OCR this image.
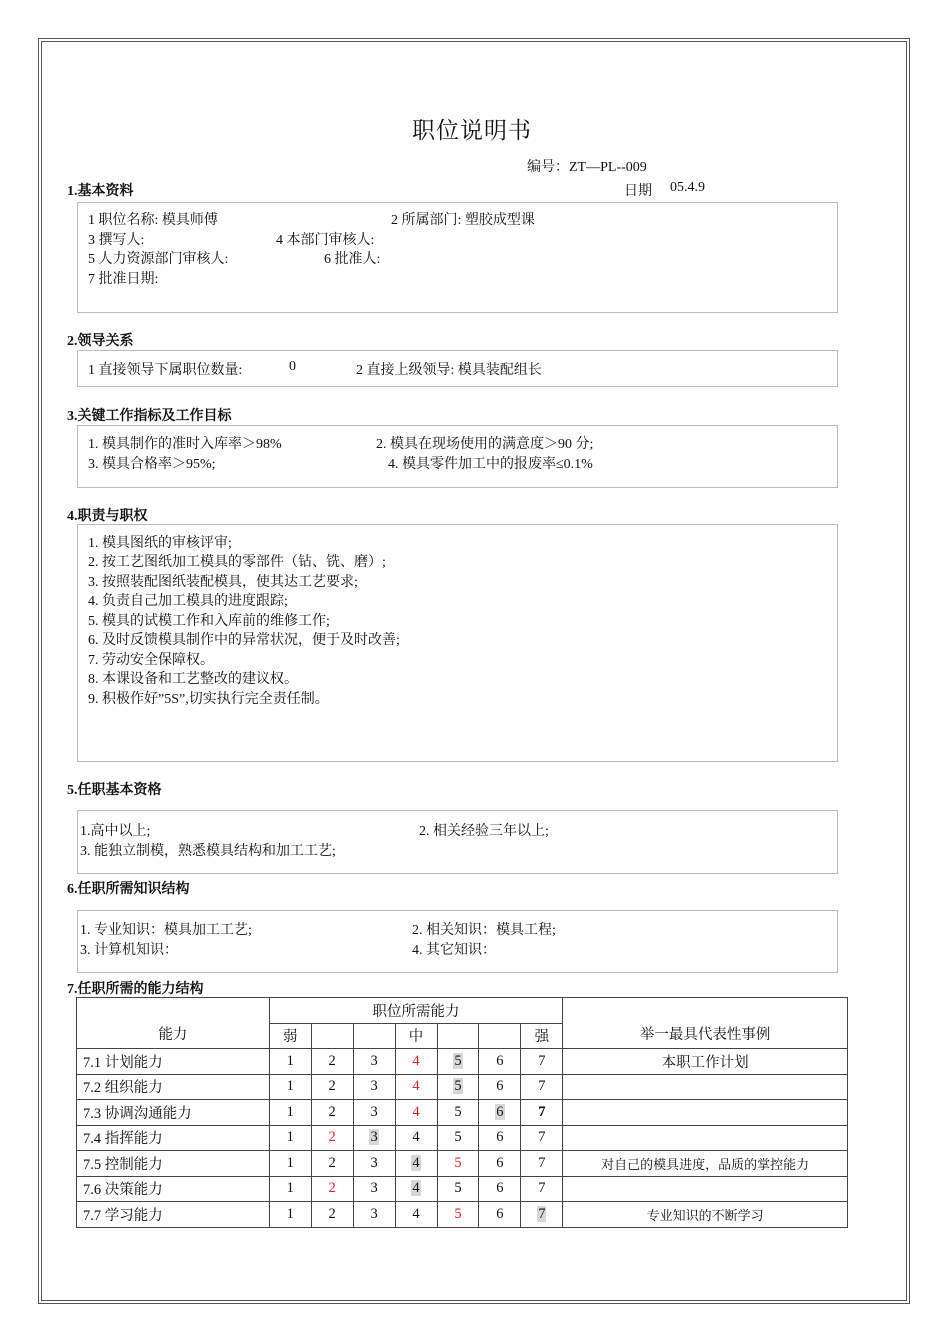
职位说明书
编号：ZT—PL--009
日期 05.4.9
1.基本资料
1 职位名称: 模具师傅	2 所属部门: 塑胶成型课
3 撰写人:	4 本部门审核人:
5 人力资源部门审核人:	6 批准人:
7 批准日期:
2.领导关系
1 直接领导下属职位数量:	0	2 直接上级领导: 模具装配组长
3.关键工作指标及工作目标
1. 模具制作的准时入库率＞98%	2. 模具在现场使用的满意度＞90 分;
3. 模具合格率＞95%;	4. 模具零件加工中的报废率≤0.1%
4.职责与职权
1. 模具图纸的审核评审;
2. 按工艺图纸加工模具的零部件（钻、铣、磨）;
3. 按照装配图纸装配模具，使其达工艺要求;
4. 负责自己加工模具的进度跟踪;
5. 模具的试模工作和入库前的维修工作;
6. 及时反馈模具制作中的异常状况，便于及时改善;
7. 劳动安全保障权。
8. 本课设备和工艺整改的建议权。
9. 积极作好”5S”,切实执行完全责任制。
5.任职基本资格
1.高中以上;	2. 相关经验三年以上;
3. 能独立制模，熟悉模具结构和加工工艺;
6.任职所需知识结构
1. 专业知识：模具加工工艺;	2. 相关知识：模具工程;
3. 计算机知识：	4. 其它知识：
7.任职所需的能力结构
能力	职位所需能力							举一最具代表性事例
	弱			中			强	
7.1 计划能力	1	2	3	4	5	6	7	本职工作计划
7.2 组织能力	1	2	3	4	5	6	7	
7.3 协调沟通能力	1	2	3	4	5	6	7	
7.4 指挥能力	1	2	3	4	5	6	7	
7.5 控制能力	1	2	3	4	5	6	7	对自己的模具进度，品质的掌控能力
7.6 决策能力	1	2	3	4	5	6	7	
7.7 学习能力	1	2	3	4	5	6	7	专业知识的不断学习
